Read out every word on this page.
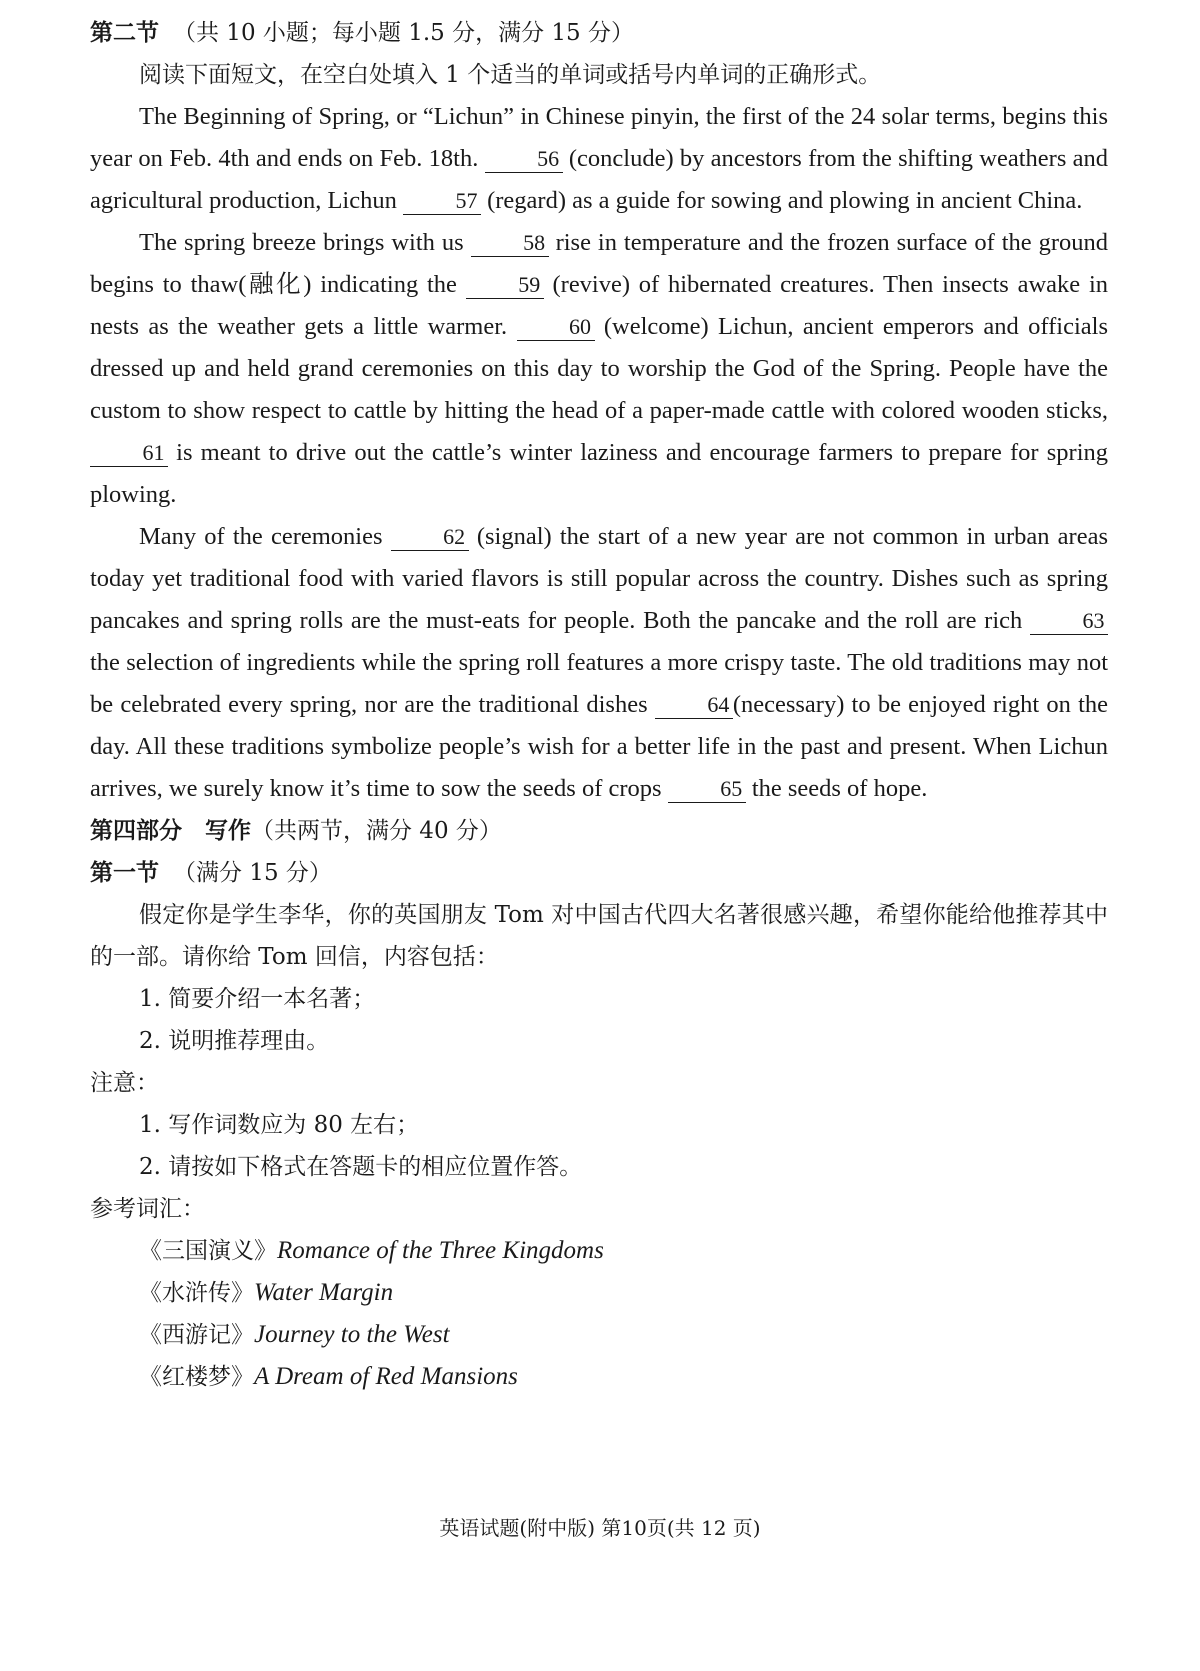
第二节 （共 10 小题；每小题 1.5 分，满分 15 分）
阅读下面短文，在空白处填入 1 个适当的单词或括号内单词的正确形式。

The Beginning of Spring, or “Lichun” in Chinese pinyin, the first of the 24 solar terms, begins this year on Feb. 4th and ends on Feb. 18th. 56 (conclude) by ancestors from the shifting weathers and agricultural production, Lichun 57 (regard) as a guide for sowing and plowing in ancient China.

The spring breeze brings with us 58 rise in temperature and the frozen surface of the ground begins to thaw(融化) indicating the 59 (revive) of hibernated creatures. Then insects awake in nests as the weather gets a little warmer. 60 (welcome) Lichun, ancient emperors and officials dressed up and held grand ceremonies on this day to worship the God of the Spring. People have the custom to show respect to cattle by hitting the head of a paper-made cattle with colored wooden sticks, 61 is meant to drive out the cattle’s winter laziness and encourage farmers to prepare for spring plowing.

Many of the ceremonies 62 (signal) the start of a new year are not common in urban areas today yet traditional food with varied flavors is still popular across the country. Dishes such as spring pancakes and spring rolls are the must-eats for people. Both the pancake and the roll are rich 63 the selection of ingredients while the spring roll features a more crispy taste. The old traditions may not be celebrated every spring, nor are the traditional dishes 64 (necessary) to be enjoyed right on the day. All these traditions symbolize people’s wish for a better life in the past and present. When Lichun arrives, we surely know it’s time to sow the seeds of crops 65 the seeds of hope.

第四部分　写作（共两节，满分 40 分）
第一节 （满分 15 分）

假定你是学生李华，你的英国朋友 Tom 对中国古代四大名著很感兴趣，希望你能给他推荐其中的一部。请你给 Tom 回信，内容包括：

1. 简要介绍一本名著；
2. 说明推荐理由。
注意：
1. 写作词数应为 80 左右；
2. 请按如下格式在答题卡的相应位置作答。
参考词汇：
《三国演义》Romance of the Three Kingdoms
《水浒传》Water Margin
《西游记》Journey to the West
《红楼梦》A Dream of Red Mansions
英语试题(附中版) 第10页(共 12 页)
